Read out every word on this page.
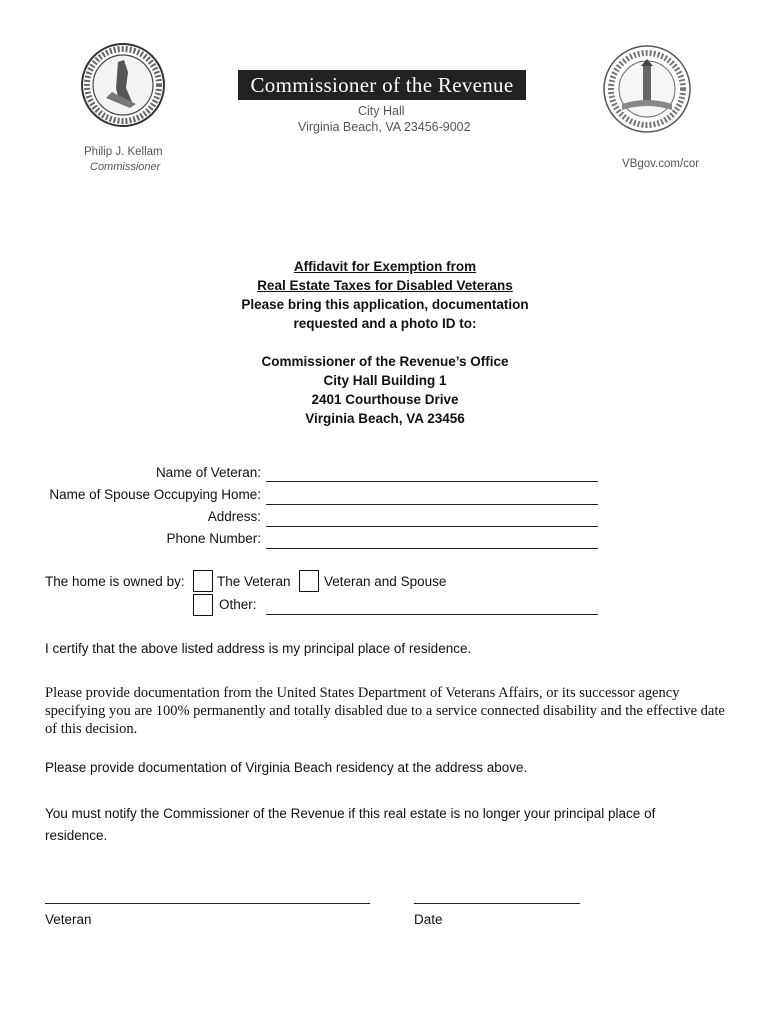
Commissioner of the Revenue
City Hall
Virginia Beach, VA 23456-9002
Philip J. Kellam
Commissioner	VBgov.com/cor
Affidavit for Exemption from
Real Estate Taxes for Disabled Veterans
Please bring this application, documentation
requested and a photo ID to:
Commissioner of the Revenue’s Office
City Hall Building 1
2401 Courthouse Drive
Virginia Beach, VA 23456
Name of Veteran:
Name of Spouse Occupying Home:
Address:
Phone Number:
The home is owned by: The Veteran Veteran and Spouse
Other:
I certify that the above listed address is my principal place of residence.
Please provide documentation from the United States Department of Veterans Affairs, or its successor agency specifying you are 100% permanently and totally disabled due to a service connected disability and the effective date of this decision.
Please provide documentation of Virginia Beach residency at the address above.
You must notify the Commissioner of the Revenue if this real estate is no longer your principal place of residence.
Veteran	Date
